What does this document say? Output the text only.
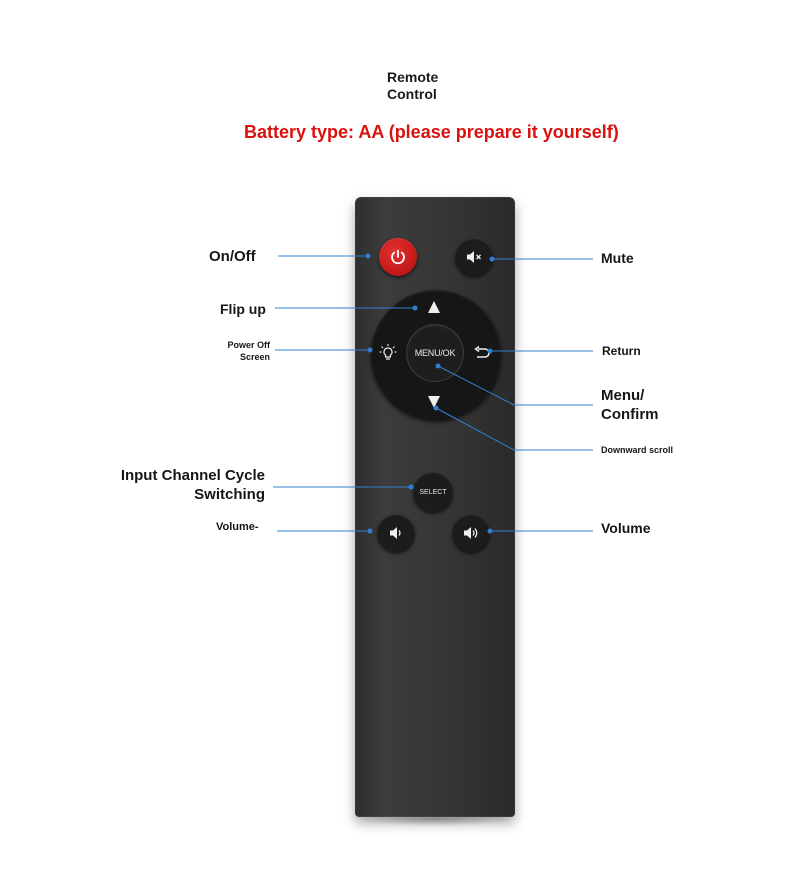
Remote
Control
Battery type: AA (please prepare it yourself)
MENU/OK
SELECT
On/Off	Mute
Flip up
Power Off
Screen	Return
Menu/
Confirm
Downward scroll
Input Channel Cycle
Switching
Volume-	Volume
